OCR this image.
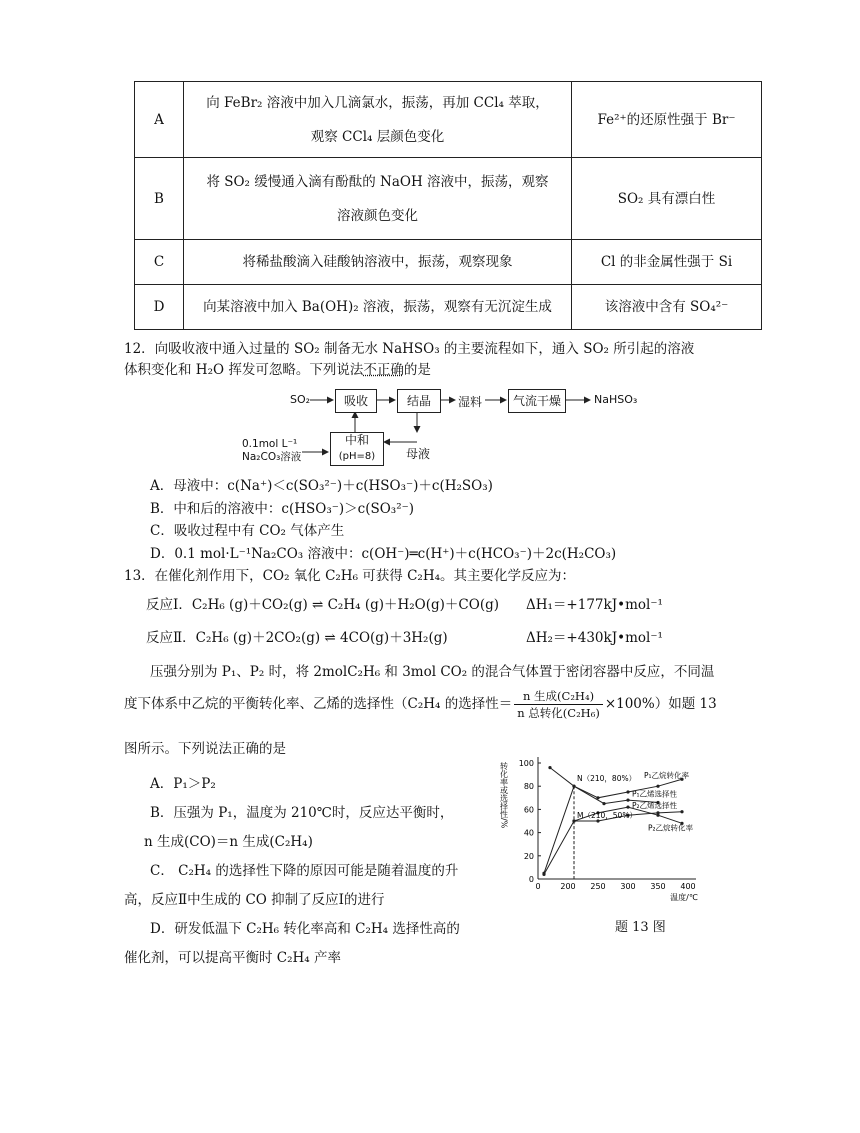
A	向 FeBr₂ 溶液中加入几滴氯水，振荡，再加 CCl₄ 萃取，
观察 CCl₄ 层颜色变化	Fe²⁺的还原性强于 Br⁻
B	将 SO₂ 缓慢通入滴有酚酞的 NaOH 溶液中，振荡，观察
溶液颜色变化	SO₂ 具有漂白性
C	将稀盐酸滴入硅酸钠溶液中，振荡，观察现象	Cl 的非金属性强于 Si
D	向某溶液中加入 Ba(OH)₂ 溶液，振荡，观察有无沉淀生成	该溶液中含有 SO₄²⁻
12．向吸收液中通入过量的 SO₂ 制备无水 NaHSO₃ 的主要流程如下，通入 SO₂ 所引起的溶液
体积变化和 H₂O 挥发可忽略。下列说法不正确的是
SO₂	吸收	结晶	湿料	气流干燥	NaHSO₃
中和
(pH=8)	母液
0.1mol L⁻¹
Na₂CO₃溶液
A．母液中：c(Na⁺)＜c(SO₃²⁻)＋c(HSO₃⁻)＋c(H₂SO₃)
B．中和后的溶液中：c(HSO₃⁻)＞c(SO₃²⁻)
C．吸收过程中有 CO₂ 气体产生
D．0.1 mol·L⁻¹Na₂CO₃ 溶液中：c(OH⁻)═c(H⁺)＋c(HCO₃⁻)＋2c(H₂CO₃)
13．在催化剂作用下，CO₂ 氧化 C₂H₆ 可获得 C₂H₄。其主要化学反应为：
反应Ⅰ．C₂H₆ (g)＋CO₂(g) ⇌ C₂H₄ (g)＋H₂O(g)＋CO(g) ΔH₁＝+177kJ•mol⁻¹
反应Ⅱ．C₂H₆ (g)＋2CO₂(g) ⇌ 4CO(g)＋3H₂(g)	ΔH₂＝+430kJ•mol⁻¹
压强分别为 P₁、P₂ 时，将 2molC₂H₆ 和 3mol CO₂ 的混合气体置于密闭容器中反应，不同温
度下体系中乙烷的平衡转化率、乙烯的选择性（C₂H₄ 的选择性＝ $\frac{\text{n 生成(C₂H₄)}}{\text{n 总转化(C₂H₆)}} \times 100\%$）如题 13
图所示。下列说法正确的是
A．P₁＞P₂
B．压强为 P₁，温度为 210℃时，反应达平衡时，
n 生成(CO)＝n 生成(C₂H₄)
C． C₂H₄ 的选择性下降的原因可能是随着温度的升
高，反应Ⅱ中生成的 CO 抑制了反应Ⅰ的进行
D．研发低温下 C₂H₆ 转化率高和 C₂H₄ 选择性高的
催化剂，可以提高平衡时 C₂H₄ 产率
0
20
40
60
80
100
0 200 250 300 350 400
转化率或选择性/%
温度/℃
P₁乙烷转化率
P₁乙烯选择性
P₂乙烷转化率
P₂乙烯选择性
N（210，80%）
M（210，50%）
题 13 图
